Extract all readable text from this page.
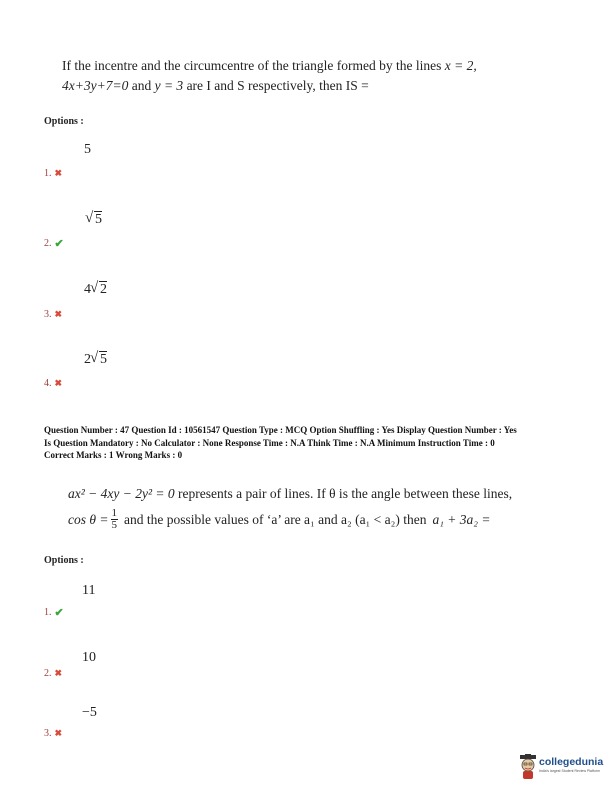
If the incentre and the circumcentre of the triangle formed by the lines x = 2,
4x+3y+7=0 and y = 3 are I and S respectively, then IS =
Options :
5
1. ✖
√ 5
2. ✔
4 √ 2
3. ✖
2 √ 5
4. ✖
Question Number : 47 Question Id : 10561547 Question Type : MCQ Option Shuffling : Yes Display Question Number : Yes
Is Question Mandatory : No Calculator : None Response Time : N.A Think Time : N.A Minimum Instruction Time : 0
Correct Marks : 1 Wrong Marks : 0
ax² − 4xy − 2y² = 0 represents a pair of lines. If θ is the angle between these lines,
$\cos \theta = \frac{1}{5}$ and the possible values of ‘a’ are a₁ and a₂ (a₁ < a₂) then a₁ + 3a₂ =
Options :
11
1. ✔
10
2. ✖
−5
3. ✖
collegedunia
India's largest Student Review Platform
